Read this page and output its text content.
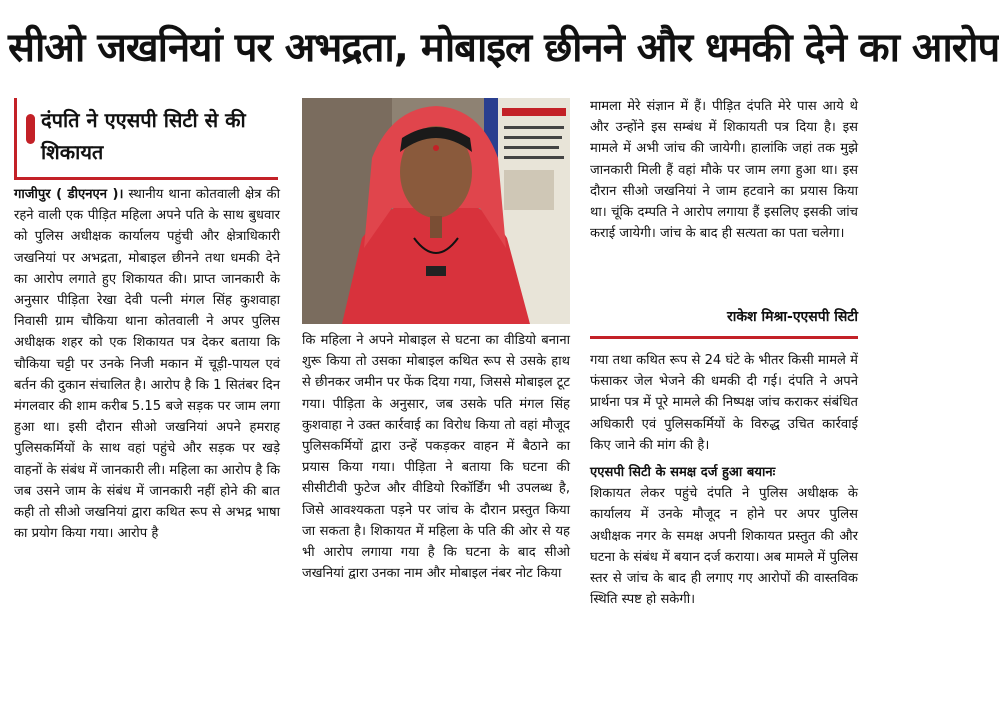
सीओ जखनियां पर अभद्रता, मोबाइल छीनने और धमकी देने का आरोप
दंपति ने एएसपी सिटी से की शिकायत

गाजीपुर ( डीएनएन )। स्थानीय थाना कोतवाली क्षेत्र की रहने वाली एक पीड़ित महिला अपने पति के साथ बुधवार को पुलिस अधीक्षक कार्यालय पहुंची और क्षेत्राधिकारी जखनियां पर अभद्रता, मोबाइल छीनने तथा धमकी देने का आरोप लगाते हुए शिकायत की। प्राप्त जानकारी के अनुसार पीड़िता रेखा देवी पत्नी मंगल सिंह कुशवाहा निवासी ग्राम चौकिया थाना कोतवाली ने अपर पुलिस अधीक्षक शहर को एक शिकायत पत्र देकर बताया कि चौकिया चट्टी पर उनके निजी मकान में चूड़ी-पायल एवं बर्तन की दुकान संचालित है। आरोप है कि 1 सितंबर दिन मंगलवार की शाम करीब 5.15 बजे सड़क पर जाम लगा हुआ था। इसी दौरान सीओ जखनियां अपने हमराह पुलिसकर्मियों के साथ वहां पहुंचे और सड़क पर खड़े वाहनों के संबंध में जानकारी ली। महिला का आरोप है कि जब उसने जाम के संबंध में जानकारी नहीं होने की बात कही तो सीओ जखनियां द्वारा कथित रूप से अभद्र भाषा का प्रयोग किया गया। आरोप है

कि महिला ने अपने मोबाइल से घटना का वीडियो बनाना शुरू किया तो उसका मोबाइल कथित रूप से उसके हाथ से छीनकर जमीन पर फेंक दिया गया, जिससे मोबाइल टूट गया। पीड़िता के अनुसार, जब उसके पति मंगल सिंह कुशवाहा ने उक्त कार्रवाई का विरोध किया तो वहां मौजूद पुलिसकर्मियों द्वारा उन्हें पकड़कर वाहन में बैठाने का प्रयास किया गया। पीड़िता ने बताया कि घटना की सीसीटीवी फुटेज और वीडियो रिकॉर्डिंग भी उपलब्ध है, जिसे आवश्यकता पड़ने पर जांच के दौरान प्रस्तुत किया जा सकता है। शिकायत में महिला के पति की ओर से यह भी आरोप लगाया गया है कि घटना के बाद सीओ जखनियां द्वारा उनका नाम और मोबाइल नंबर नोट किया

मामला मेरे संज्ञान में हैं। पीड़ित दंपति मेरे पास आये थे और उन्होंने इस सम्बंध में शिकायती पत्र दिया है। इस मामले में अभी जांच की जायेगी। हालांकि जहां तक मुझे जानकारी मिली हैं वहां मौके पर जाम लगा हुआ था। इस दौरान सीओ जखनियां ने जाम हटवाने का प्रयास किया था। चूंकि दम्पति ने आरोप लगाया हैं इसलिए इसकी जांच कराई जायेगी। जांच के बाद ही सत्यता का पता चलेगा।

राकेश मिश्रा-एएसपी सिटी

गया तथा कथित रूप से 24 घंटे के भीतर किसी मामले में फंसाकर जेल भेजने की धमकी दी गई। दंपति ने अपने प्रार्थना पत्र में पूरे मामले की निष्पक्ष जांच कराकर संबंधित अधिकारी एवं पुलिसकर्मियों के विरुद्ध उचित कार्रवाई किए जाने की मांग की है।

एएसपी सिटी के समक्ष दर्ज हुआ बयानः

शिकायत लेकर पहुंचे दंपति ने पुलिस अधीक्षक के कार्यालय में उनके मौजूद न होने पर अपर पुलिस अधीक्षक नगर के समक्ष अपनी शिकायत प्रस्तुत की और घटना के संबंध में बयान दर्ज कराया। अब मामले में पुलिस स्तर से जांच के बाद ही लगाए गए आरोपों की वास्तविक स्थिति स्पष्ट हो सकेगी।
